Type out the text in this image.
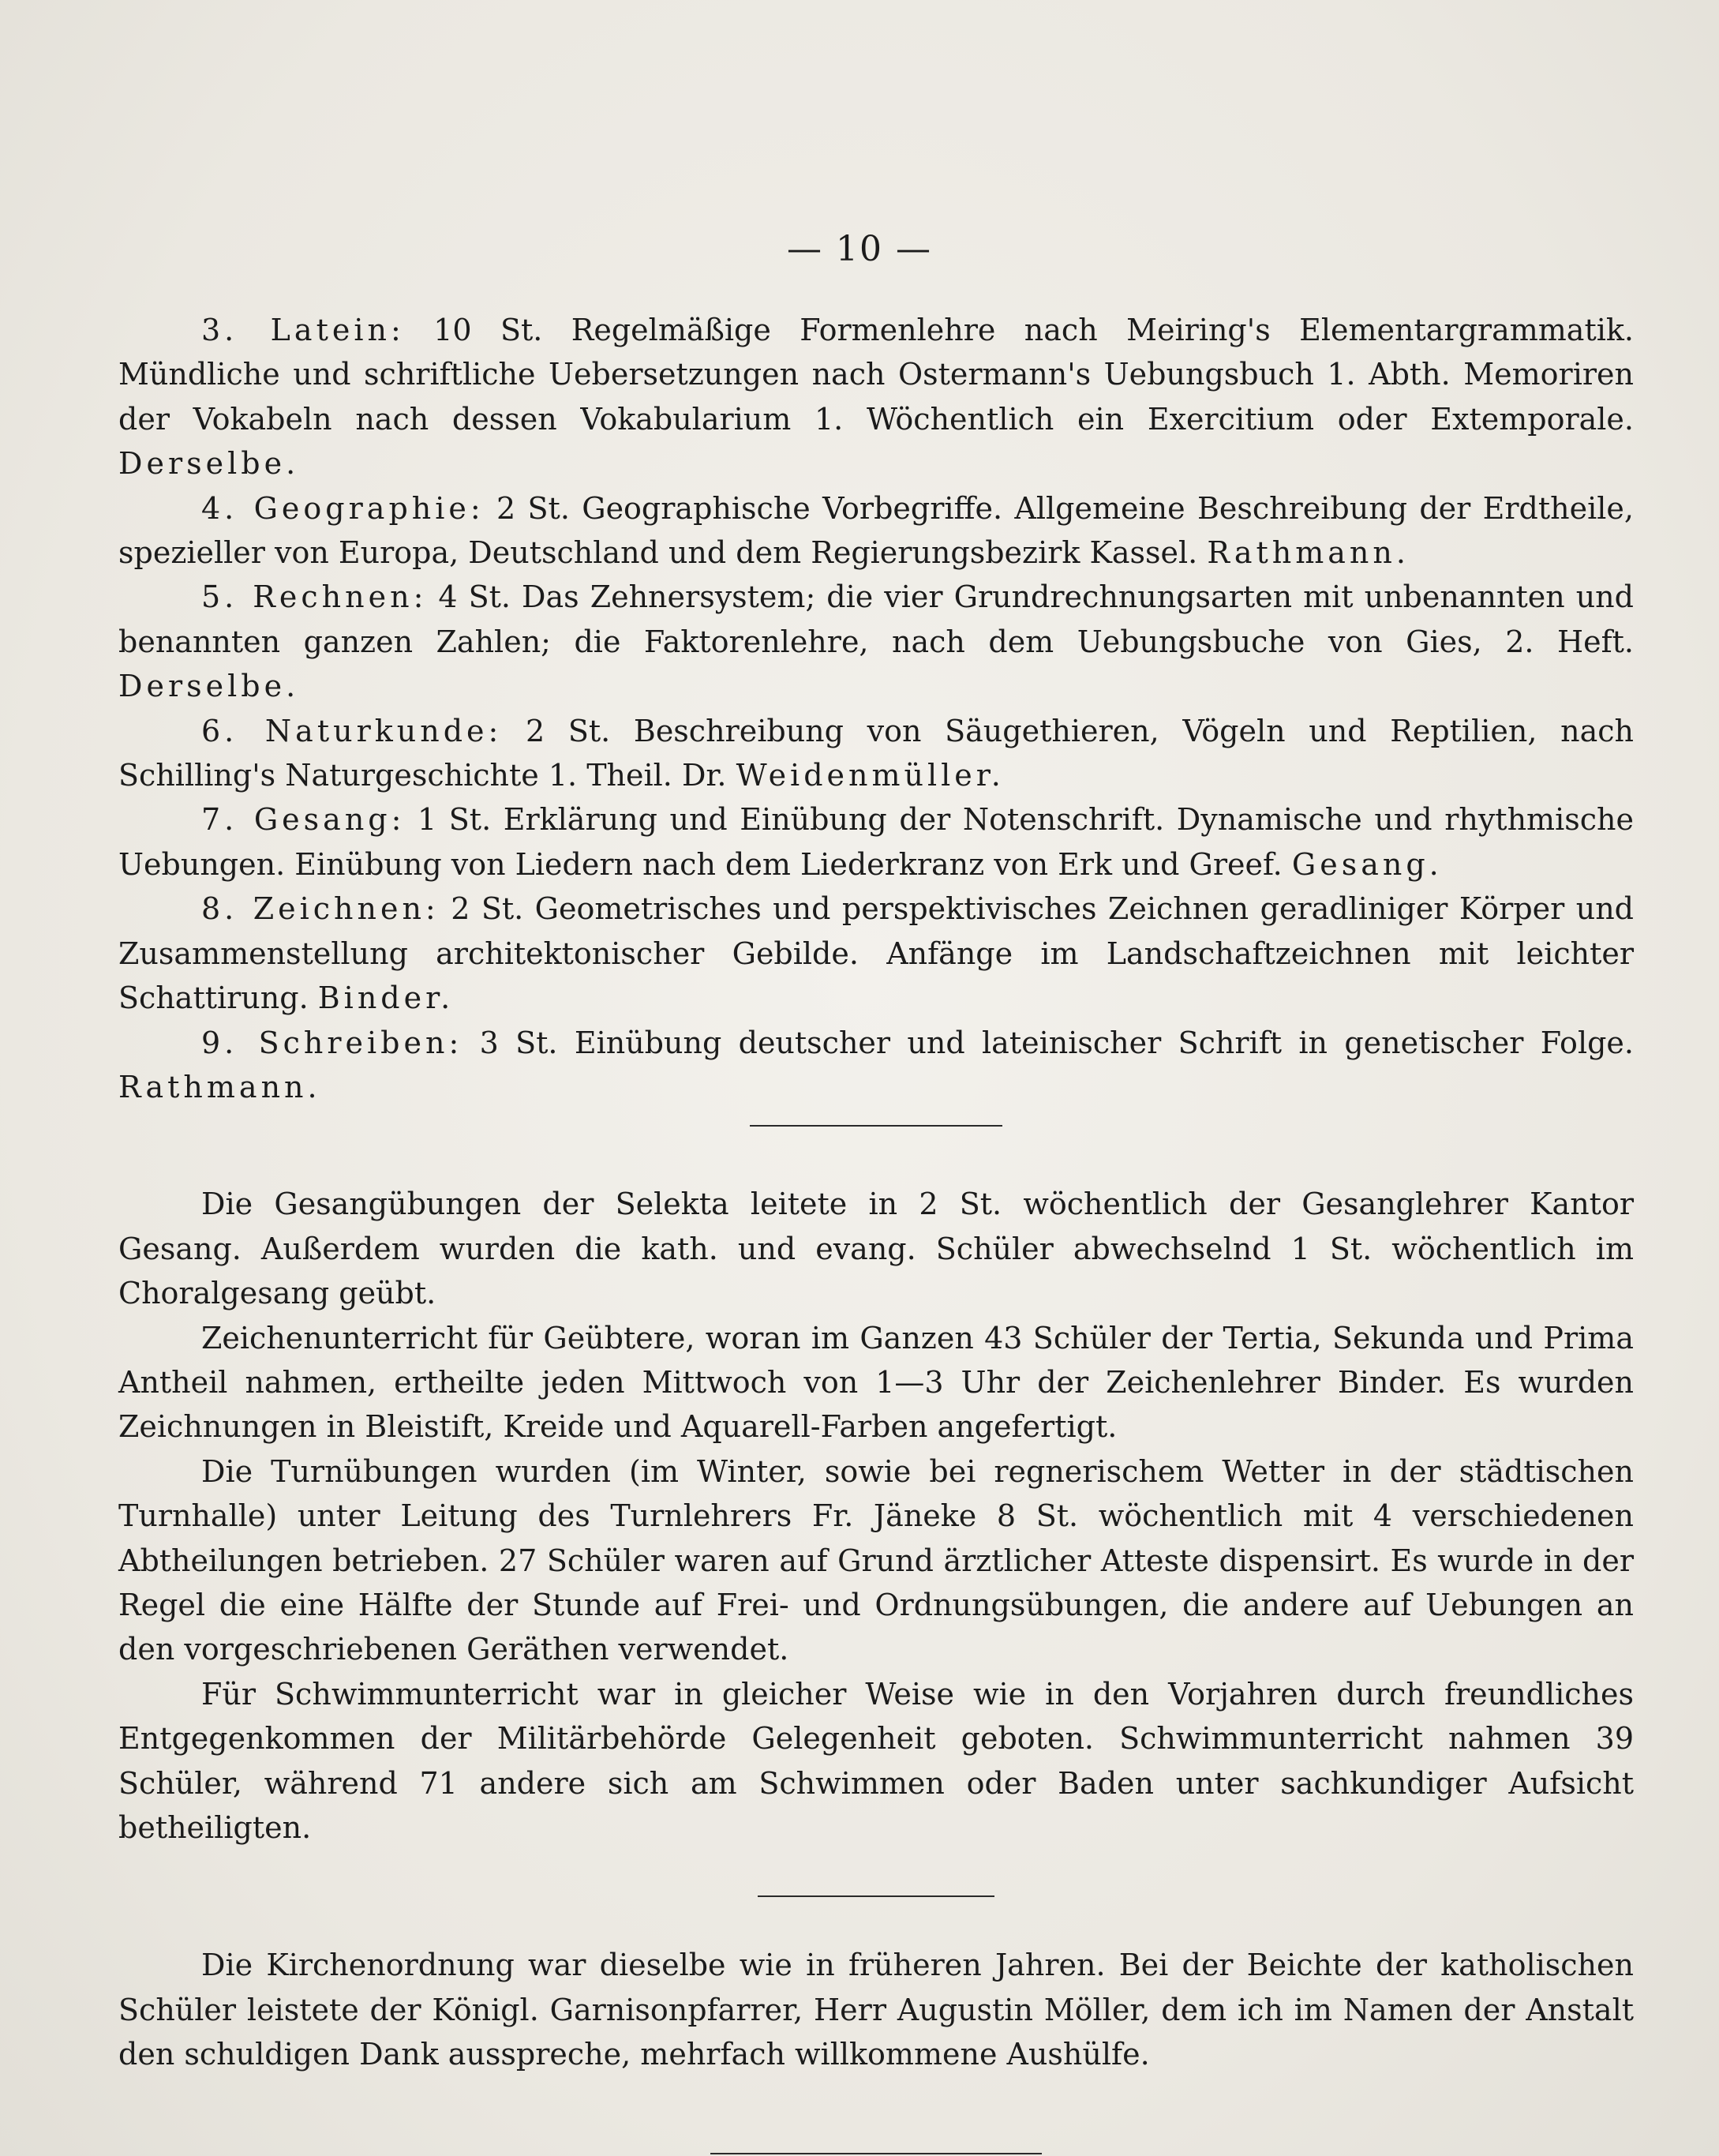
— 10 —

3. Latein: 10 St. Regelmäßige Formenlehre nach Meiring's Elementargrammatik. Mündliche und schriftliche Uebersetzungen nach Ostermann's Uebungsbuch 1. Abth. Memoriren der Vokabeln nach dessen Vokabularium 1. Wöchentlich ein Exercitium oder Extemporale. Derselbe.

4. Geographie: 2 St. Geographische Vorbegriffe. Allgemeine Beschreibung der Erdtheile, spezieller von Europa, Deutschland und dem Regierungsbezirk Kassel. Rathmann.

5. Rechnen: 4 St. Das Zehnersystem; die vier Grundrechnungsarten mit unbenannten und benannten ganzen Zahlen; die Faktorenlehre, nach dem Uebungsbuche von Gies, 2. Heft. Derselbe.

6. Naturkunde: 2 St. Beschreibung von Säugethieren, Vögeln und Reptilien, nach Schilling's Naturgeschichte 1. Theil. Dr. Weidenmüller.

7. Gesang: 1 St. Erklärung und Einübung der Notenschrift. Dynamische und rhythmische Uebungen. Einübung von Liedern nach dem Liederkranz von Erk und Greef. Gesang.

8. Zeichnen: 2 St. Geometrisches und perspektivisches Zeichnen geradliniger Körper und Zusammenstellung architektonischer Gebilde. Anfänge im Landschaftzeichnen mit leichter Schattirung. Binder.

9. Schreiben: 3 St. Einübung deutscher und lateinischer Schrift in genetischer Folge. Rathmann.

Die Gesangübungen der Selekta leitete in 2 St. wöchentlich der Gesanglehrer Kantor Gesang. Außerdem wurden die kath. und evang. Schüler abwechselnd 1 St. wöchentlich im Choralgesang geübt.

Zeichenunterricht für Geübtere, woran im Ganzen 43 Schüler der Tertia, Sekunda und Prima Antheil nahmen, ertheilte jeden Mittwoch von 1—3 Uhr der Zeichenlehrer Binder. Es wurden Zeichnungen in Bleistift, Kreide und Aquarell-Farben angefertigt.

Die Turnübungen wurden (im Winter, sowie bei regnerischem Wetter in der städtischen Turnhalle) unter Leitung des Turnlehrers Fr. Jäneke 8 St. wöchentlich mit 4 verschiedenen Abtheilungen betrieben. 27 Schüler waren auf Grund ärztlicher Atteste dispensirt. Es wurde in der Regel die eine Hälfte der Stunde auf Frei- und Ordnungsübungen, die andere auf Uebungen an den vorgeschriebenen Geräthen verwendet.

Für Schwimmunterricht war in gleicher Weise wie in den Vorjahren durch freundliches Entgegenkommen der Militärbehörde Gelegenheit geboten. Schwimmunterricht nahmen 39 Schüler, während 71 andere sich am Schwimmen oder Baden unter sachkundiger Aufsicht betheiligten.

Die Kirchenordnung war dieselbe wie in früheren Jahren. Bei der Beichte der katholischen Schüler leistete der Königl. Garnisonpfarrer, Herr Augustin Möller, dem ich im Namen der Anstalt den schuldigen Dank ausspreche, mehrfach willkommene Aushülfe.
